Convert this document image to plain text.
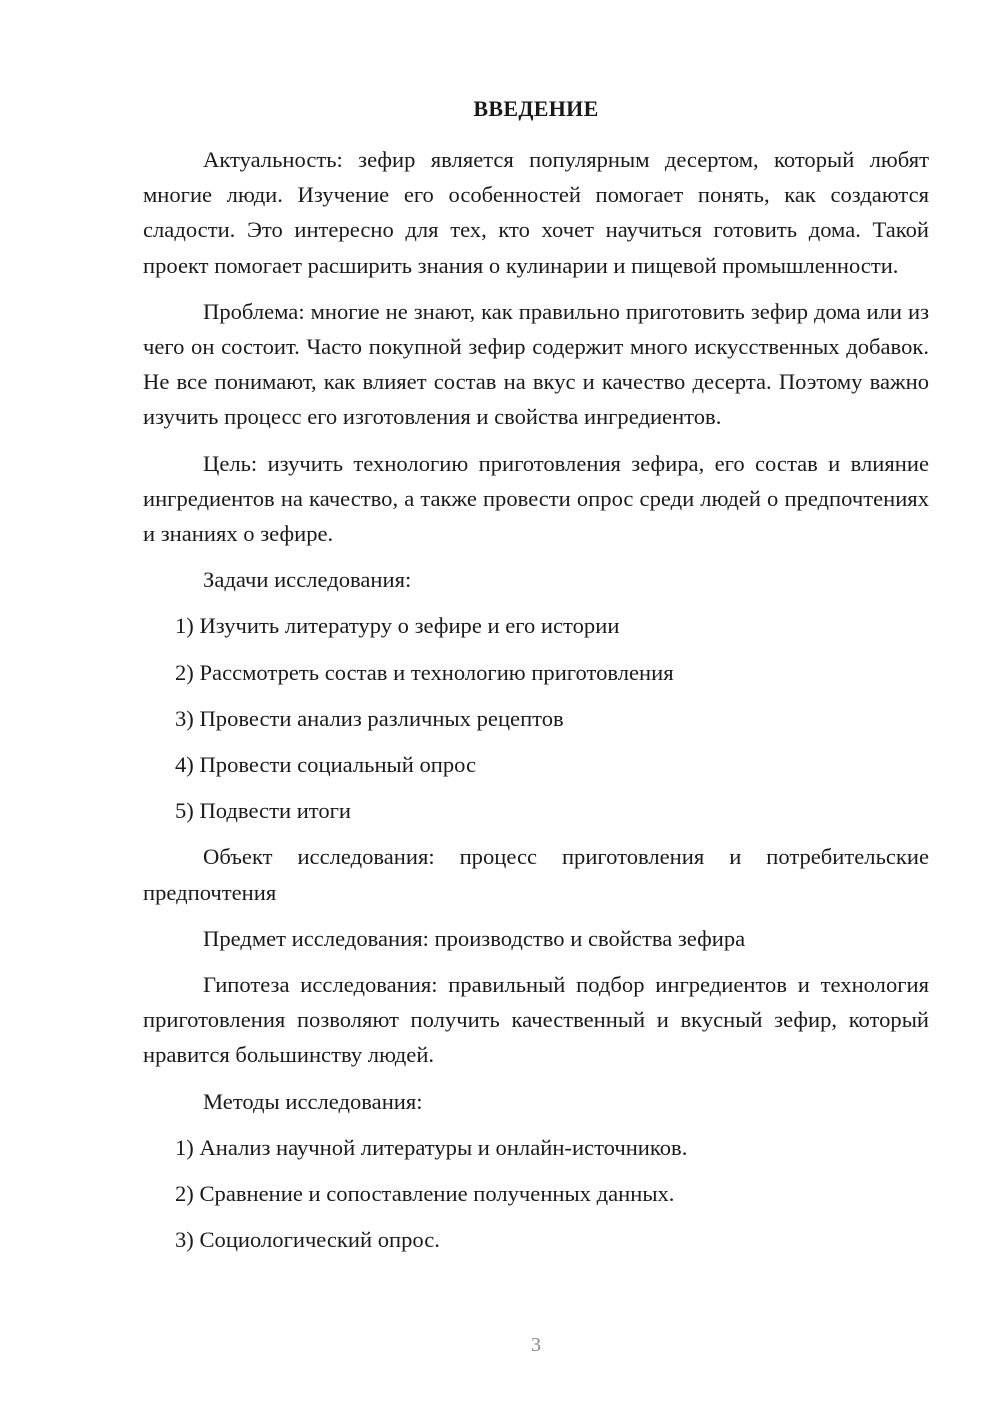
ВВЕДЕНИЕ

Актуальность: зефир является популярным десертом, который любят многие люди. Изучение его особенностей помогает понять, как создаются сладости. Это интересно для тех, кто хочет научиться готовить дома. Такой проект помогает расширить знания о кулинарии и пищевой промышленности.

Проблема: многие не знают, как правильно приготовить зефир дома или из чего он состоит. Часто покупной зефир содержит много искусственных добавок. Не все понимают, как влияет состав на вкус и качество десерта. Поэтому важно изучить процесс его изготовления и свойства ингредиентов.

Цель: изучить технологию приготовления зефира, его состав и влияние ингредиентов на качество, а также провести опрос среди людей о предпочтениях и знаниях о зефире.

Задачи исследования:
1) Изучить литературу о зефире и его истории
2) Рассмотреть состав и технологию приготовления
3) Провести анализ различных рецептов
4) Провести социальный опрос
5) Подвести итоги

Объект исследования: процесс приготовления и потребительские предпочтения

Предмет исследования: производство и свойства зефира

Гипотеза исследования: правильный подбор ингредиентов и технология приготовления позволяют получить качественный и вкусный зефир, который нравится большинству людей.

Методы исследования:
1) Анализ научной литературы и онлайн-источников.
2) Сравнение и сопоставление полученных данных.
3) Социологический опрос.
3
